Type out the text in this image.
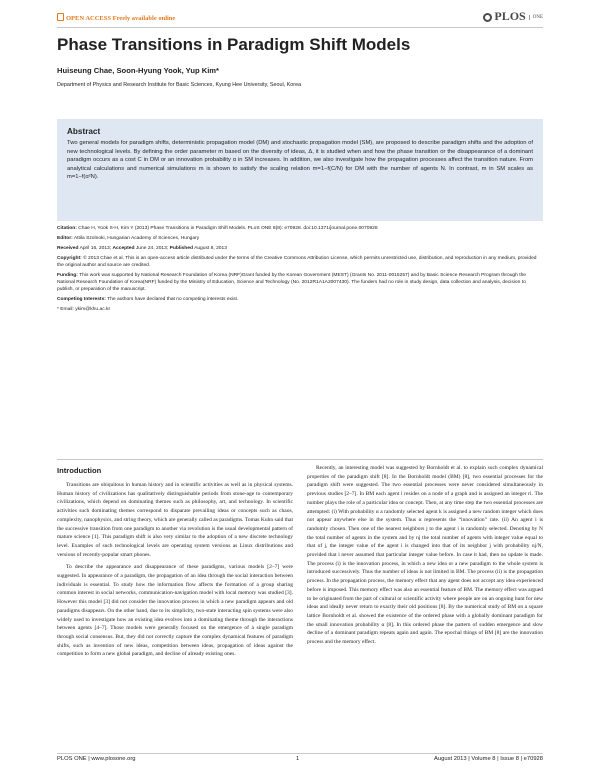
OPEN ACCESS Freely available online	PLOS ONE
Phase Transitions in Paradigm Shift Models
Huiseung Chae, Soon-Hyung Yook, Yup Kim*
Department of Physics and Research Institute for Basic Sciences, Kyung Hee University, Seoul, Korea
Abstract

Two general models for paradigm shifts, deterministic propagation model (DM) and stochastic propagation model (SM), are proposed to describe paradigm shifts and the adoption of new technological levels. By defining the order parameter m based on the diversity of ideas, Δ, it is studied when and how the phase transition or the disappearance of a dominant paradigm occurs as a cost C in DM or an innovation probability α in SM increases. In addition, we also investigate how the propagation processes affect the transition nature. From analytical calculations and numerical simulations m is shown to satisfy the scaling relation m=1−f(C/N) for DM with the number of agents N. In contrast, m in SM scales as m=1−f(α²N).

Citation: Chae H, Yook S-H, Kim Y (2013) Phase Transitions in Paradigm Shift Models. PLoS ONE 8(8): e70928. doi:10.1371/journal.pone.0070928

Editor: Attila Szolnoki, Hungarian Academy of Sciences, Hungary

Received April 16, 2013; Accepted June 24, 2013; Published August 8, 2013

Copyright: © 2013 Chae et al. This is an open-access article distributed under the terms of the Creative Commons Attribution License, which permits unrestricted use, distribution, and reproduction in any medium, provided the original author and source are credited.

Funding: This work was supported by National Research Foundation of Korea (NRF)Grant funded by the Korean Government (MEST) (Grants No. 2011-0015257) and by Basic Science Research Program through the National Research Foundation of Korea(NRF) funded by the Ministry of Education, Science and Technology (No. 2012R1A1A2007430). The funders had no role in study design, data collection and analysis, decision to publish, or preparation of the manuscript.

Competing Interests: The authors have declared that no competing interests exist.

* Email: ykim@khu.ac.kr

Introduction

Transitions are ubiquitous in human history and in scientific activities as well as in physical systems. Human history of civilizations has qualitatively distinguishable periods from stone-age to contemporary civilizations, which depend on dominating themes such as philosophy, art, and technology. In scientific activities such dominating themes correspond to disparate prevailing ideas or concepts such as chaos, complexity, nanophysics, and string theory, which are generally called as paradigms. Tomas Kuhn said that the successive transition from one paradigm to another via revolution is the usual developmental pattern of mature science [1]. This paradigm shift is also very similar to the adoption of a new discrete technology level. Examples of such technological levels are operating system versions as Linux distributions and versions of recently-popular smart phones.

To describe the appearance and disappearance of these paradigms, various models [2–7] were suggested. In appearance of a paradigm, the propagation of an idea through the social interaction between individuals is essential. To study how the information flow affects the formation of a group sharing common interest in social networks, communication-navigation model with local memory was studied [3]. However this model [3] did not consider the innovation process in which a new paradigm appears and old paradigms disappears. On the other hand, due to its simplicity, two-state interacting spin systems were also widely used to investigate how an existing idea evolves into a dominating theme through the interactions between agents [4–7]. Those models were generally focused on the emergence of a single paradigm through social consensus. But, they did not correctly capture the complex dynamical features of paradigm shifts, such as invention of new ideas, competition between ideas, propagation of ideas against the competition to form a new global paradigm, and decline of already existing ones.

Recently, an interesting model was suggested by Bornholdt et al. to explain such complex dynamical properties of the paradigm shift [8]. In the Bornholdt model (BM) [8], two essential processes for the paradigm shift were suggested. The two essential processes were never considered simultaneously in previous studies [2–7]. In BM each agent i resides on a node of a graph and is assigned an integer ri. The number plays the role of a particular idea or concept. Then, at any time step the two essential processes are attempted: (i) With probability α a randomly selected agent k is assigned a new random integer which does not appear anywhere else in the system. Thus α represents the “innovation” rate. (ii) An agent i is randomly chosen. Then one of the nearest neighbors j to the agent i is randomly selected. Denoting by N the total number of agents in the system and by nj the total number of agents with integer value equal to that of j, the integer value of the agent i is changed into that of its neighbor j with probability nj/N, provided that i never assumed that particular integer value before. In case it had, then no update is made. The process (i) is the innovation process, in which a new idea or a new paradigm to the whole system is introduced successively. Thus the number of ideas is not limited in BM. The process (ii) is the propagation process. In the propagation process, the memory effect that any agent does not accept any idea experienced before is imposed. This memory effect was also an essential feature of BM. The memory effect was argued to be originated from the part of cultural or scientific activity where people are on an ongoing hunt for new ideas and ideally never return to exactly their old positions [8]. By the numerical study of BM on a square lattice Bornholdt et al. showed the existence of the ordered phase with a globally dominant paradigm for the small innovation probability α [8]. In this ordered phase the pattern of sudden emergence and slow decline of a dominant paradigm repeats again and again. The epochal things of BM [8] are the innovation process and the memory effect.

PLOS ONE | www.plosone.org	1	August 2013 | Volume 8 | Issue 8 | e70928
